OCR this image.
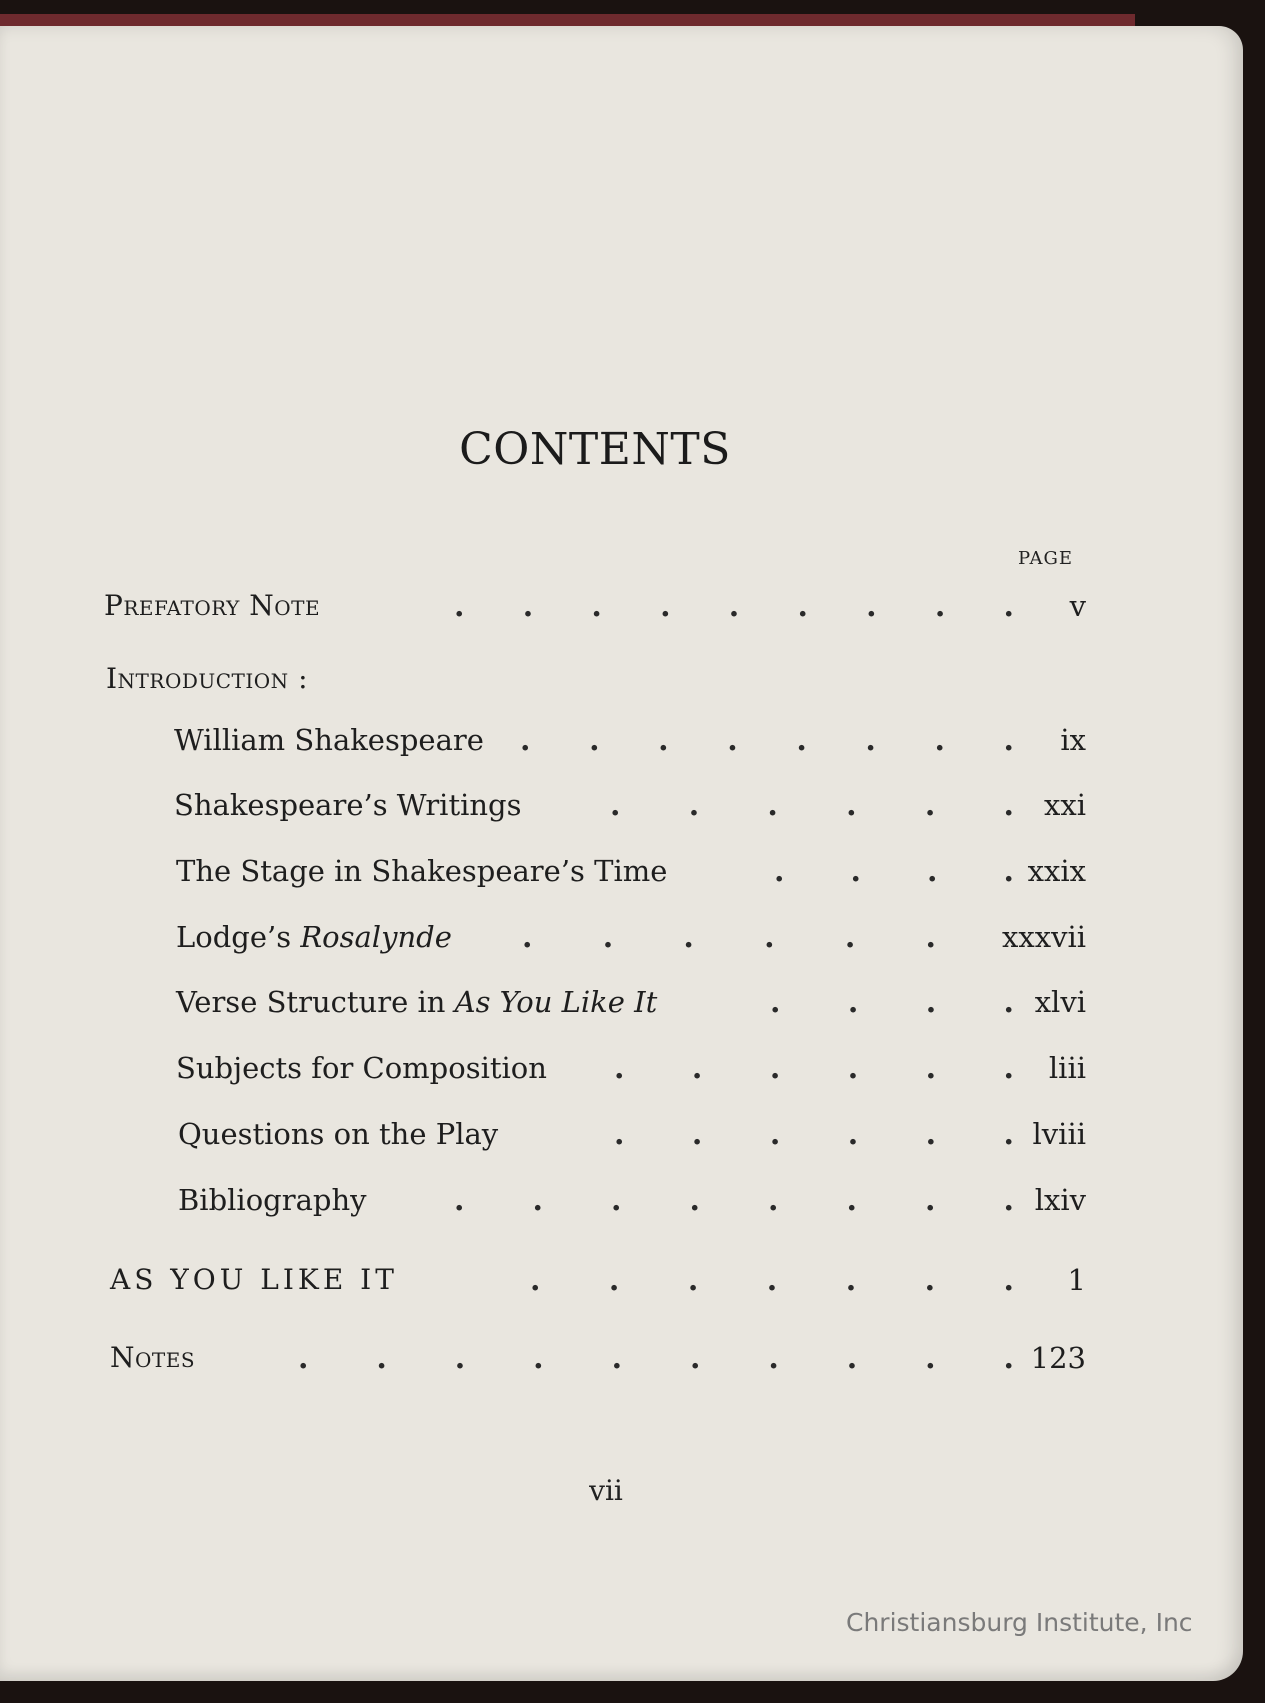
CONTENTS
PAGE
Prefatory Note	. . . . . . . . .	v
Introduction :
William Shakespeare . . . . . . . .	ix
Shakespeare’s Writings	. . . . . .	xxi
The Stage in Shakespeare’s Time	. . . . xxix
Lodge’s Rosalynde . . . . . .	xxxvii
Verse Structure in As You Like It	. . . . xlvi
Subjects for Composition . . . . . .	liii
Questions on the Play	. . . . . . lviii
Bibliography	. . . . . . . . lxiv
AS YOU LIKE IT	. . . . . . .	1
Notes	. . . . . . . . . . 123
vii
Christiansburg Institute, Inc
